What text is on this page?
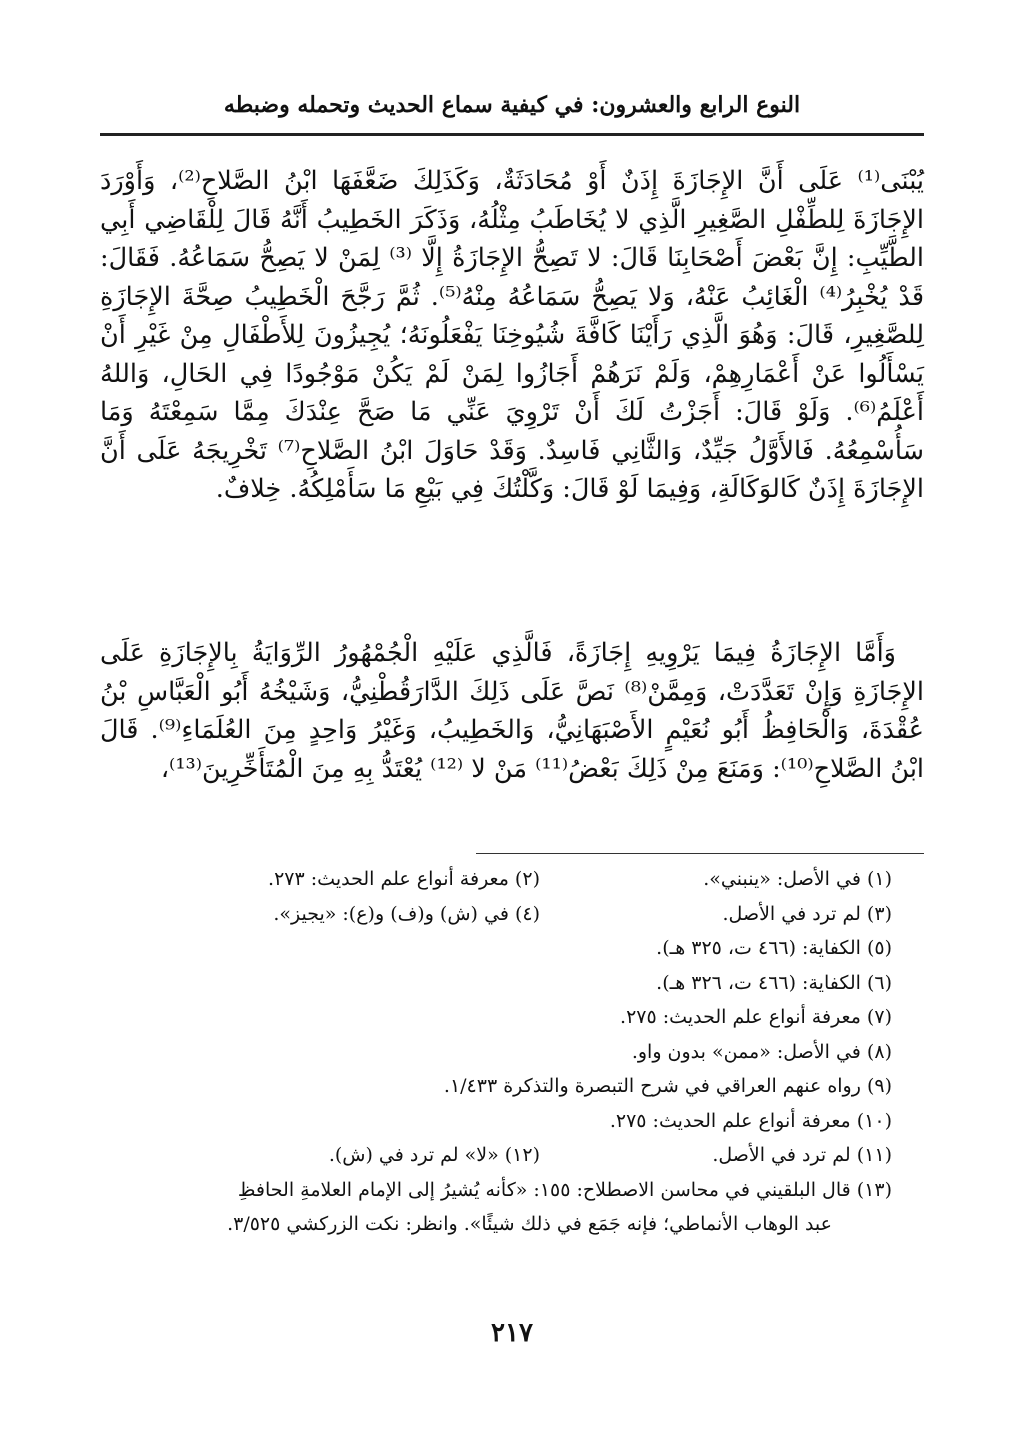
النوع الرابع والعشرون: في كيفية سماع الحديث وتحمله وضبطه
يُبْنَى⁽¹⁾ عَلَى أَنَّ الإِجَازَةَ إِذَنٌ أَوْ مُحَادَثَةٌ، وَكَذَلِكَ ضَعَّفَهَا ابْنُ الصَّلاحِ⁽²⁾، وَأَوْرَدَ الإِجَازَةَ لِلطِّفْلِ الصَّغِيرِ الَّذِي لا يُخَاطَبُ مِثْلُهُ، وَذَكَرَ الخَطِيبُ أَنَّهُ قَالَ لِلْقَاضِي أَبِي الطَّيِّبِ: إِنَّ بَعْضَ أَصْحَابِنَا قَالَ: لا تَصِحُّ الإِجَازَةُ إِلَّا ⁽³⁾ لِمَنْ لا يَصِحُّ سَمَاعُهُ. فَقَالَ: قَدْ يُخْبِرُ⁽⁴⁾ الْغَائِبُ عَنْهُ، وَلا يَصِحُّ سَمَاعُهُ مِنْهُ⁽⁵⁾. ثُمَّ رَجَّحَ الْخَطِيبُ صِحَّةَ الإِجَازَةِ لِلصَّغِيرِ، قَالَ: وَهُوَ الَّذِي رَأَيْنَا كَافَّةَ شُيُوخِنَا يَفْعَلُونَهُ؛ يُجِيزُونَ لِلأَطْفَالِ مِنْ غَيْرِ أَنْ يَسْأَلُوا عَنْ أَعْمَارِهِمْ، وَلَمْ نَرَهُمْ أَجَازُوا لِمَنْ لَمْ يَكُنْ مَوْجُودًا فِي الحَالِ، وَاللهُ أَعْلَمُ⁽⁶⁾. وَلَوْ قَالَ: أَجَزْتُ لَكَ أَنْ تَرْوِيَ عَنِّي مَا صَحَّ عِنْدَكَ مِمَّا سَمِعْتَهُ وَمَا سَأُسْمِعُهُ. فَالأَوَّلُ جَيِّدٌ، وَالثَّانِي فَاسِدٌ. وَقَدْ حَاوَلَ ابْنُ الصَّلاحِ⁽⁷⁾ تَخْرِيجَهُ عَلَى أَنَّ الإِجَازَةَ إِذَنٌ كَالوَكَالَةِ، وَفِيمَا لَوْ قَالَ: وَكَّلْتُكَ فِي بَيْعِ مَا سَأَمْلِكُهُ. خِلافٌ.
وَأَمَّا الإِجَازَةُ فِيمَا يَرْوِيهِ إِجَازَةً، فَالَّذِي عَلَيْهِ الْجُمْهُورُ الرِّوَايَةُ بِالإِجَازَةِ عَلَى الإِجَازَةِ وَإِنْ تَعَدَّدَتْ، وَمِمَّنْ⁽⁸⁾ نَصَّ عَلَى ذَلِكَ الدَّارَقُطْنِيُّ، وَشَيْخُهُ أَبُو الْعَبَّاسِ بْنُ عُقْدَةَ، وَالْحَافِظُ أَبُو نُعَيْمٍ الأَصْبَهَانِيُّ، وَالخَطِيبُ، وَغَيْرُ وَاحِدٍ مِنَ العُلَمَاءِ⁽⁹⁾. قَالَ ابْنُ الصَّلاحِ⁽¹⁰⁾: وَمَنَعَ مِنْ ذَلِكَ بَعْضُ⁽¹¹⁾ مَنْ لا ⁽¹²⁾ يُعْتَدُّ بِهِ مِنَ الْمُتَأَخِّرِينَ⁽¹³⁾،
(١) في الأصل: «ينبني».
(٢) معرفة أنواع علم الحديث: ٢٧٣.
(٣) لم ترد في الأصل.
(٤) في (ش) و(ف) و(ع): «يجيز».
(٥) الكفاية: (٤٦٦ ت، ٣٢٥ هـ).
(٦) الكفاية: (٤٦٦ ت، ٣٢٦ هـ).
(٧) معرفة أنواع علم الحديث: ٢٧٥.
(٨) في الأصل: «ممن» بدون واو.
(٩) رواه عنهم العراقي في شرح التبصرة والتذكرة ١/٤٣٣.
(١٠) معرفة أنواع علم الحديث: ٢٧٥.
(١١) لم ترد في الأصل.
(١٢) «لا» لم ترد في (ش).
(١٣) قال البلقيني في محاسن الاصطلاح: ١٥٥: «كأنه يُشيرُ إلى الإمام العلامةِ الحافظِ
عبد الوهاب الأنماطي؛ فإنه جَمَع في ذلك شيئًا». وانظر: نكت الزركشي ٣/٥٢٥.
٢١٧
